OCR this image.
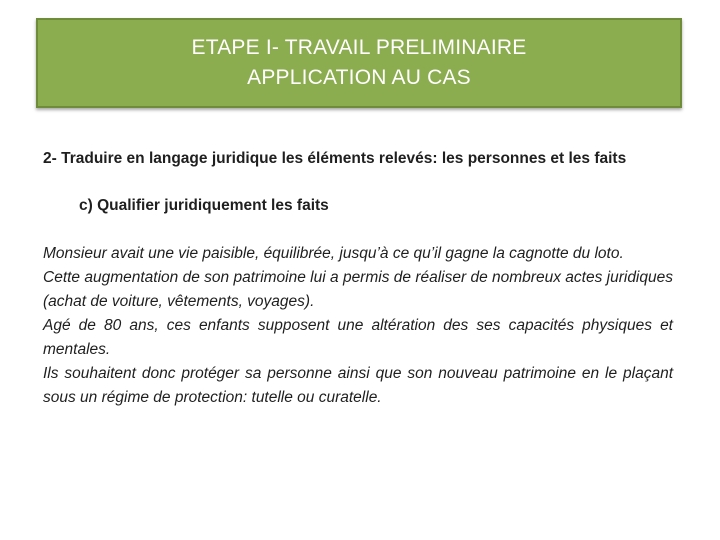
ETAPE I- TRAVAIL PRELIMINAIRE
APPLICATION AU CAS
2- Traduire en langage juridique les éléments relevés: les personnes et les faits
c) Qualifier juridiquement les faits

Monsieur avait une vie paisible, équilibrée, jusqu’à ce qu’il gagne la cagnotte du loto.

Cette augmentation de son patrimoine lui a permis de réaliser de nombreux actes juridiques (achat de voiture, vêtements, voyages).

Agé de 80 ans, ces enfants supposent une altération des ses capacités physiques et mentales.

Ils souhaitent donc protéger sa personne ainsi que son nouveau patrimoine en le plaçant sous un régime de protection: tutelle ou curatelle.
